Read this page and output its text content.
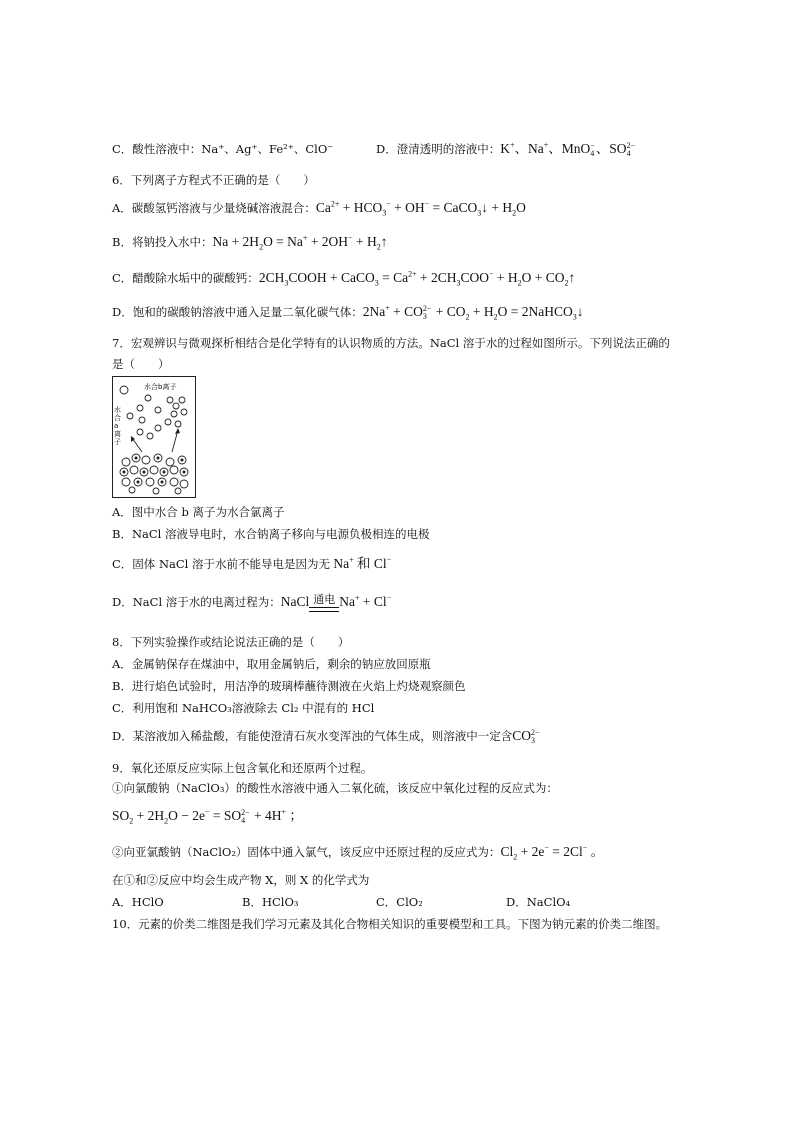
C．酸性溶液中：Na⁺、Ag⁺、Fe²⁺、ClO⁻	D．澄清透明的溶液中：K+、Na+、MnO −
4 、SO 2−
4
6．下列离子方程式不正确的是（　　）
A．碳酸氢钙溶液与少量烧碱溶液混合：$Ca^{2+} + HCO_3^- + OH^-$ = CaCO$_3$↓ + $H_2O$
B．将钠投入水中：$Na + 2H_2O = Na^+ + 2OH^-$ + $H_2↑$
C．醋酸除水垢中的碳酸钙：$2CH_3COOH$ + CaCO$_3$ = $Ca^{2+} + 2CH_3COO^- + H_2O$ + $CO_2↑$
D．饱和的碳酸钠溶液中通入足量二氧化碳气体：2Na+ + CO 2−
$3 + CO_2 + H_2O$ = 2NaHCO$_3$↓
7．宏观辨识与微观探析相结合是化学特有的认识物质的方法。NaCl 溶于水的过程如图所示。下列说法正确的
是（　　）
水合b离子
水合a离子
A．图中水合 b 离子为水合氯离子
B．NaCl 溶液导电时，水合钠离子移向与电源负极相连的电极
C．固体 NaCl 溶于水前不能导电是因为无 Na+ 和 Cl−
D．NaCl 溶于水的电离过程为：NaCl 通电 Na+ + Cl−
8．下列实验操作或结论说法正确的是（　　）
A．金属钠保存在煤油中，取用金属钠后，剩余的钠应放回原瓶
B．进行焰色试验时，用洁净的玻璃棒蘸待测液在火焰上灼烧观察颜色
C．利用饱和 NaHCO₃溶液除去 Cl₂ 中混有的 HCl
D．某溶液加入稀盐酸，有能使澄清石灰水变浑浊的气体生成，则溶液中一定含CO 2−
3
9．氧化还原反应实际上包含氧化和还原两个过程。
①向氯酸钠（NaClO₃）的酸性水溶液中通入二氧化硫，该反应中氧化过程的反应式为：
$SO_2 + 2H_2O - 2e^-$ = SO 2−
4 + 4H+ ；
②向亚氯酸钠（NaClO₂）固体中通入氯气，该反应中还原过程的反应式为：$Cl_2 + 2e^- = 2Cl^-$ 。
在①和②反应中均会生成产物 X，则 X 的化学式为
A．HClO	B．HClO₃	C．ClO₂	D．NaClO₄
10．元素的价类二维图是我们学习元素及其化合物相关知识的重要模型和工具。下图为钠元素的价类二维图。
